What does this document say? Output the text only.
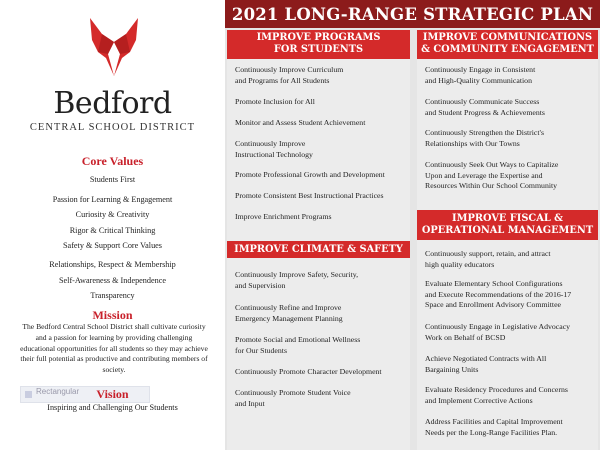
Bedford
CENTRAL SCHOOL DISTRICT
Core Values
Students First
Passion for Learning & Engagement
Curiosity & Creativity
Rigor & Critical Thinking
Safety & Support Core Values
Relationships, Respect & Membership
Self-Awareness & Independence
Transparency
Mission
The Bedford Central School District shall cultivate curiosity and a passion for learning by providing challenging educational opportunities for all students so they may achieve their full potential as productive and contributing members of society.
Rectangular	Vision
Inspiring and Challenging Our Students
2021 LONG-RANGE STRATEGIC PLAN
IMPROVE PROGRAMS
FOR STUDENTS
Continuously Improve Curriculum
and Programs for All Students
Promote Inclusion for All
Monitor and Assess Student Achievement
Continuously Improve
Instructional Technology
Promote Professional Growth and Development
Promote Consistent Best Instructional Practices
Improve Enrichment Programs
IMPROVE CLIMATE & SAFETY
Continuously Improve Safety, Security,
and Supervision
Continuously Refine and Improve
Emergency Management Planning
Promote Social and Emotional Wellness
for Our Students
Continuously Promote Character Development
Continuously Promote Student Voice
and Input
IMPROVE COMMUNICATIONS
& COMMUNITY ENGAGEMENT
Continuously Engage in Consistent
and High-Quality Communication
Continuously Communicate Success
and Student Progress & Achievements
Continuously Strengthen the District's
Relationships with Our Towns
Continuously Seek Out Ways to Capitalize
Upon and Leverage the Expertise and
Resources Within Our School Community
IMPROVE FISCAL &
OPERATIONAL MANAGEMENT
Continuously support, retain, and attract
high quality educators
Evaluate Elementary School Configurations
and Execute Recommendations of the 2016-17
Space and Enrollment Advisory Committee
Continuously Engage in Legislative Advocacy
Work on Behalf of BCSD
Achieve Negotiated Contracts with All
Bargaining Units
Evaluate Residency Procedures and Concerns
and Implement Corrective Actions
Address Facilities and Capital Improvement
Needs per the Long-Range Facilities Plan.
